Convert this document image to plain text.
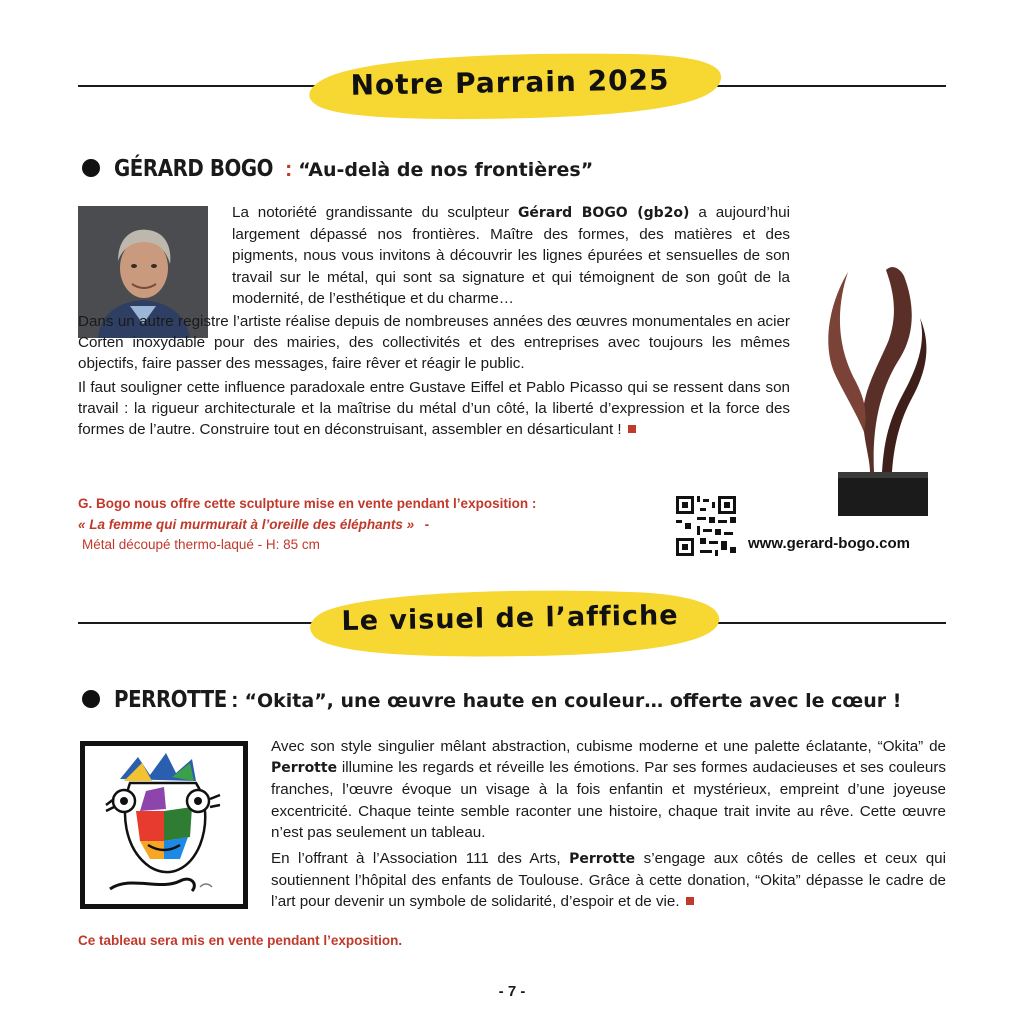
Notre Parrain 2025
GÉRARD BOGO : “Au-delà de nos frontières”
La notoriété grandissante du sculpteur Gérard BOGO (gb2o) a aujourd’hui largement dépassé nos frontières. Maître des formes, des matières et des pigments, nous vous invitons à découvrir les lignes épurées et sensuelles de son travail sur le métal, qui sont sa signature et qui témoignent de son goût de la modernité, de l’esthétique et du charme…
Dans un autre registre l’artiste réalise depuis de nombreuses années des œuvres monumentales en acier Corten inoxydable pour des mairies, des collectivités et des entreprises avec toujours les mêmes objectifs, faire passer des messages, faire rêver et réagir le public.
Il faut souligner cette influence paradoxale entre Gustave Eiffel et Pablo Picasso qui se ressent dans son travail : la rigueur architecturale et la maîtrise du métal d’un côté, la liberté d’expression et la force des formes de l’autre. Construire tout en déconstruisant, assembler en désarticulant !
G. Bogo nous offre cette sculpture mise en vente pendant l’exposition :
« La femme qui murmurait à l’oreille des éléphants » -
Métal découpé thermo-laqué - H: 85 cm	www.gerard-bogo.com
Le visuel de l’affiche
PERROTTE : “Okita”, une œuvre haute en couleur… offerte avec le cœur !
Avec son style singulier mêlant abstraction, cubisme moderne et une palette éclatante, “Okita” de Perrotte illumine les regards et réveille les émotions. Par ses formes audacieuses et ses couleurs franches, l’œuvre évoque un visage à la fois enfantin et mystérieux, empreint d’une joyeuse excentricité. Chaque teinte semble raconter une histoire, chaque trait invite au rêve. Cette œuvre n’est pas seulement un tableau.
En l’offrant à l’Association 111 des Arts, Perrotte s’engage aux côtés de celles et ceux qui soutiennent l’hôpital des enfants de Toulouse. Grâce à cette donation, “Okita” dépasse le cadre de l’art pour devenir un symbole de solidarité, d’espoir et de vie.
Ce tableau sera mis en vente pendant l’exposition.
- 7 -
